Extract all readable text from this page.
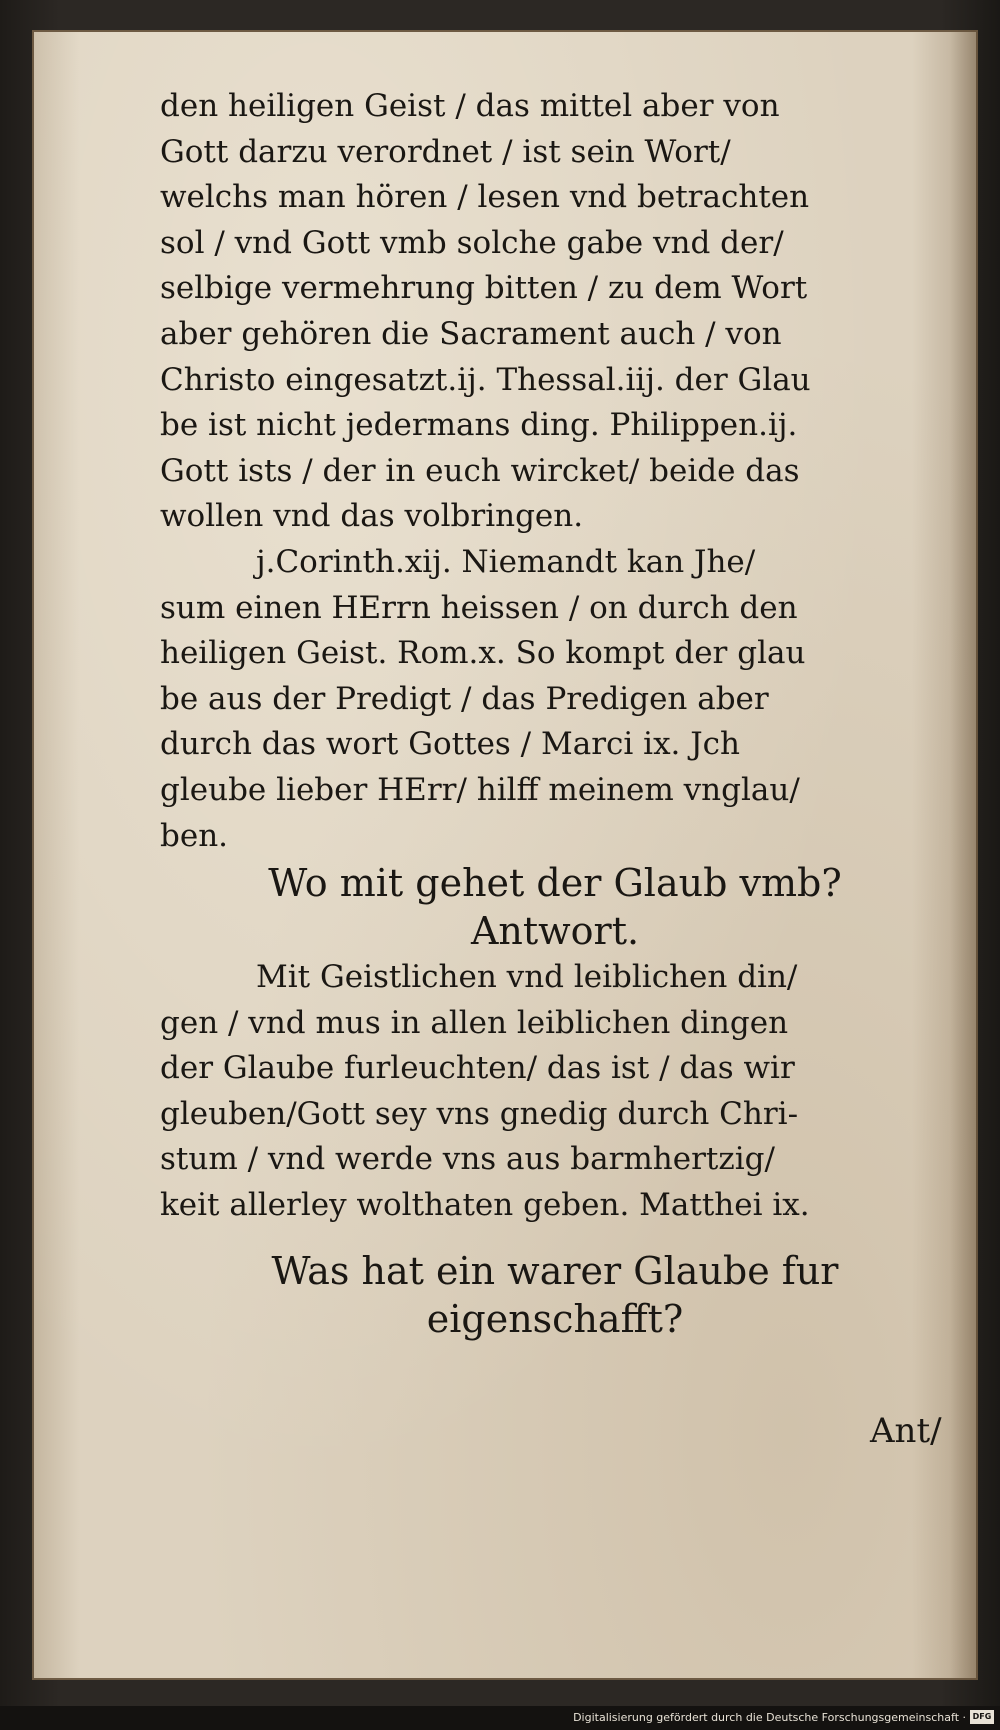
den heiligen Geist / das mittel aber von
Gott darzu verordnet / ist sein Wort/
welchs man hören / lesen vnd betrachten
sol / vnd Gott vmb solche gabe vnd der/
selbige vermehrung bitten / zu dem Wort
aber gehören die Sacrament auch / von
Christo eingesatzt.ij. Thessal.iij. der Glau
be ist nicht jedermans ding. Philippen.ij.
Gott ists / der in euch wircket/ beide das
wollen vnd das volbringen.
j.Corinth.xij. Niemandt kan Jhe/
sum einen HErrn heissen / on durch den
heiligen Geist. Rom.x. So kompt der glau
be aus der Predigt / das Predigen aber
durch das wort Gottes / Marci ix. Jch
gleube lieber HErr/ hilff meinem vnglau/
ben.
Wo mit gehet der Glaub vmb?
Antwort.
Mit Geistlichen vnd leiblichen din/
gen / vnd mus in allen leiblichen dingen
der Glaube furleuchten/ das ist / das wir
gleuben/Gott sey vns gnedig durch Chri-
stum / vnd werde vns aus barmhertzig/
keit allerley wolthaten geben. Matthei ix.
Was hat ein warer Glaube fur
eigenschafft?
Ant/
Digitalisierung gefördert durch die Deutsche Forschungsgemeinschaft · DFG
